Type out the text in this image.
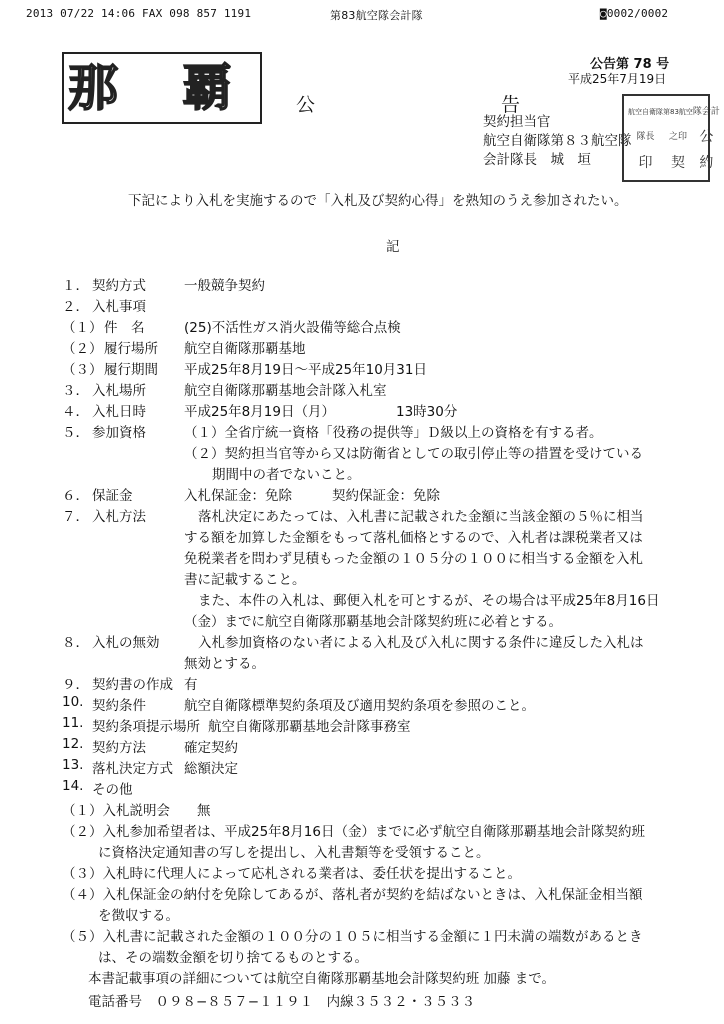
2013 07/22 14:06 FAX 098 857 1191	第83航空隊会計隊	◙0002/0002
那 覇	公 告
公告第 78 号
平成25年7月19日
契約担当官
航空自衛隊第８３航空隊
会計隊長　城　垣　　
航空自衛隊 第83航空 隊会計
隊長	之印 公
印	契	約
下記により入札を実施するので「入札及び契約心得」を熟知のうえ参加されたい。
記
１． 契約方式	一般競争契約
２． 入札事項
（１） 件　名	(25)不活性ガス消火設備等総合点検
（２） 履行場所 航空自衛隊那覇基地
（３） 履行期間 平成25年8月19日〜平成25年10月31日
３． 入札場所	航空自衛隊那覇基地会計隊入札室
４． 入札日時	平成25年8月19日（月）	13時30分
５． 参加資格	（１）全省庁統一資格「役務の提供等」Ｄ級以上の資格を有する者。
（２）契約担当官等から又は防衛省としての取引停止等の措置を受けている
期間中の者でないこと。
６． 保証金	入札保証金：免除	契約保証金：免除
７． 入札方法	落札決定にあたっては、入札書に記載された金額に当該金額の５％に相当
する額を加算した金額をもって落札価格とするので、入札者は課税業者又は
免税業者を問わず見積もった金額の１０５分の１００に相当する金額を入札
書に記載すること。
また、本件の入札は、郵便入札を可とするが、その場合は平成25年8月16日
（金）までに航空自衛隊那覇基地会計隊契約班に必着とする。
８． 入札の無効	入札参加資格のない者による入札及び入札に関する条件に違反した入札は
無効とする。
９． 契約書の作成 有
10. 契約条件	航空自衛隊標準契約条項及び適用契約条項を参照のこと。
11. 契約条項提示場所 航空自衛隊那覇基地会計隊事務室
12. 契約方法	確定契約
13. 落札決定方式 総額決定
14. その他
（１）入札説明会　　無
（２）入札参加希望者は、平成25年8月16日（金）までに必ず航空自衛隊那覇基地会計隊契約班
に資格決定通知書の写しを提出し、入札書類等を受領すること。
（３）入札時に代理人によって応札される業者は、委任状を提出すること。
（４）入札保証金の納付を免除してあるが、落札者が契約を結ばないときは、入札保証金相当額
を徴収する。
（５）入札書に記載された金額の１００分の１０５に相当する金額に１円未満の端数があるとき
は、その端数金額を切り捨てるものとする。
本書記載事項の詳細については航空自衛隊那覇基地会計隊契約班 加藤 まで。
電話番号　０９８−８５７−１１９１　内線３５３２・３５３３
